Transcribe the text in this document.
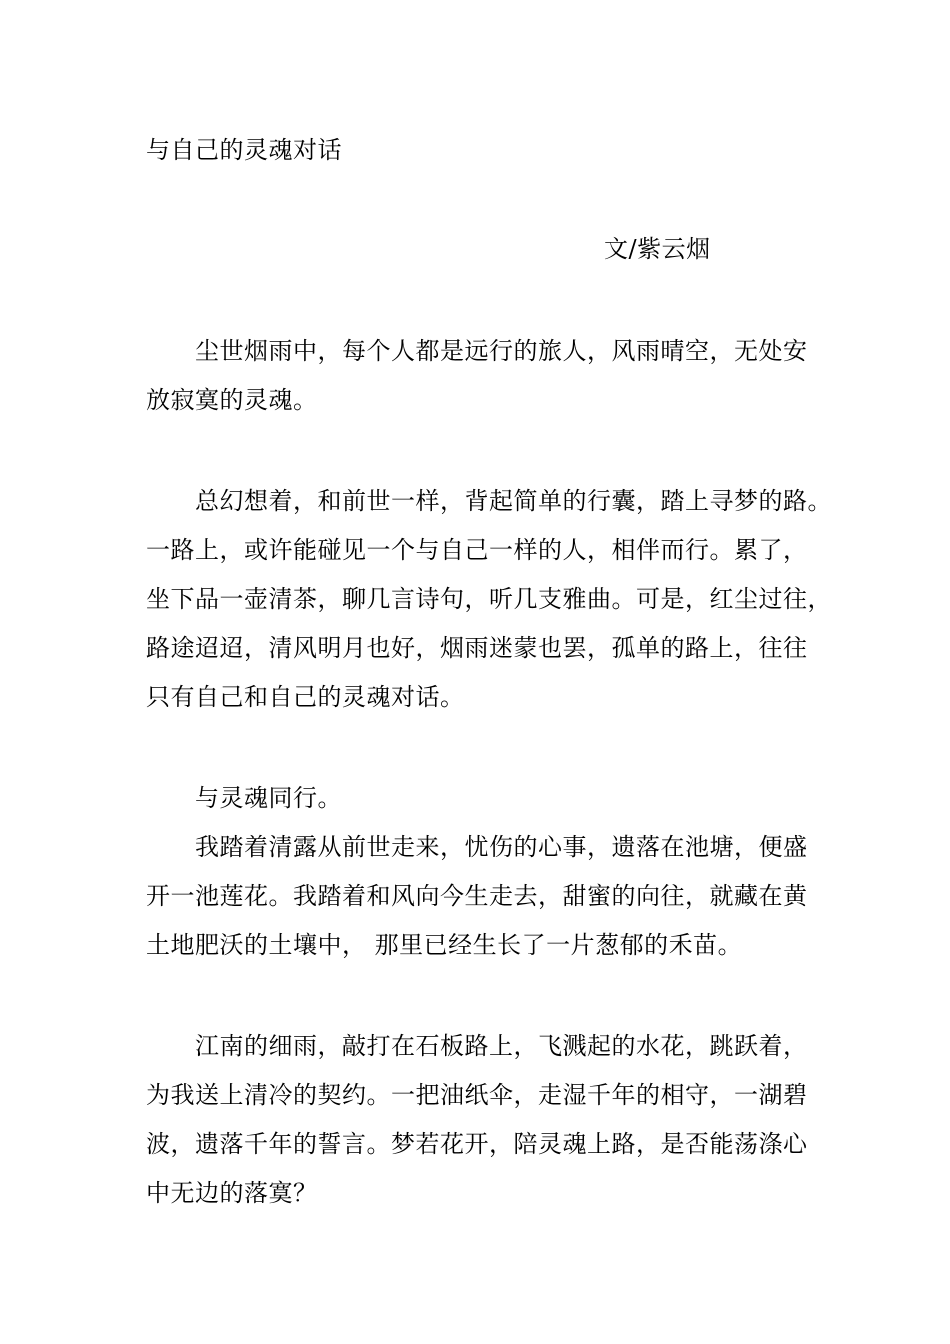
与自己的灵魂对话
文/紫云烟
尘世烟雨中，每个人都是远行的旅人，风雨晴空，无处安
放寂寞的灵魂。
总幻想着，和前世一样，背起简单的行囊，踏上寻梦的路。
一路上，或许能碰见一个与自己一样的人，相伴而行。累了，
坐下品一壶清茶，聊几言诗句，听几支雅曲。可是，红尘过往，
路途迢迢，清风明月也好，烟雨迷蒙也罢，孤单的路上，往往
只有自己和自己的灵魂对话。
与灵魂同行。
我踏着清露从前世走来，忧伤的心事，遗落在池塘，便盛
开一池莲花。我踏着和风向今生走去，甜蜜的向往，就藏在黄
土地肥沃的土壤中， 那里已经生长了一片葱郁的禾苗。
江南的细雨，敲打在石板路上，飞溅起的水花，跳跃着，
为我送上清冷的契约。一把油纸伞，走湿千年的相守，一湖碧
波，遗落千年的誓言。梦若花开，陪灵魂上路，是否能荡涤心
中无边的落寞？
